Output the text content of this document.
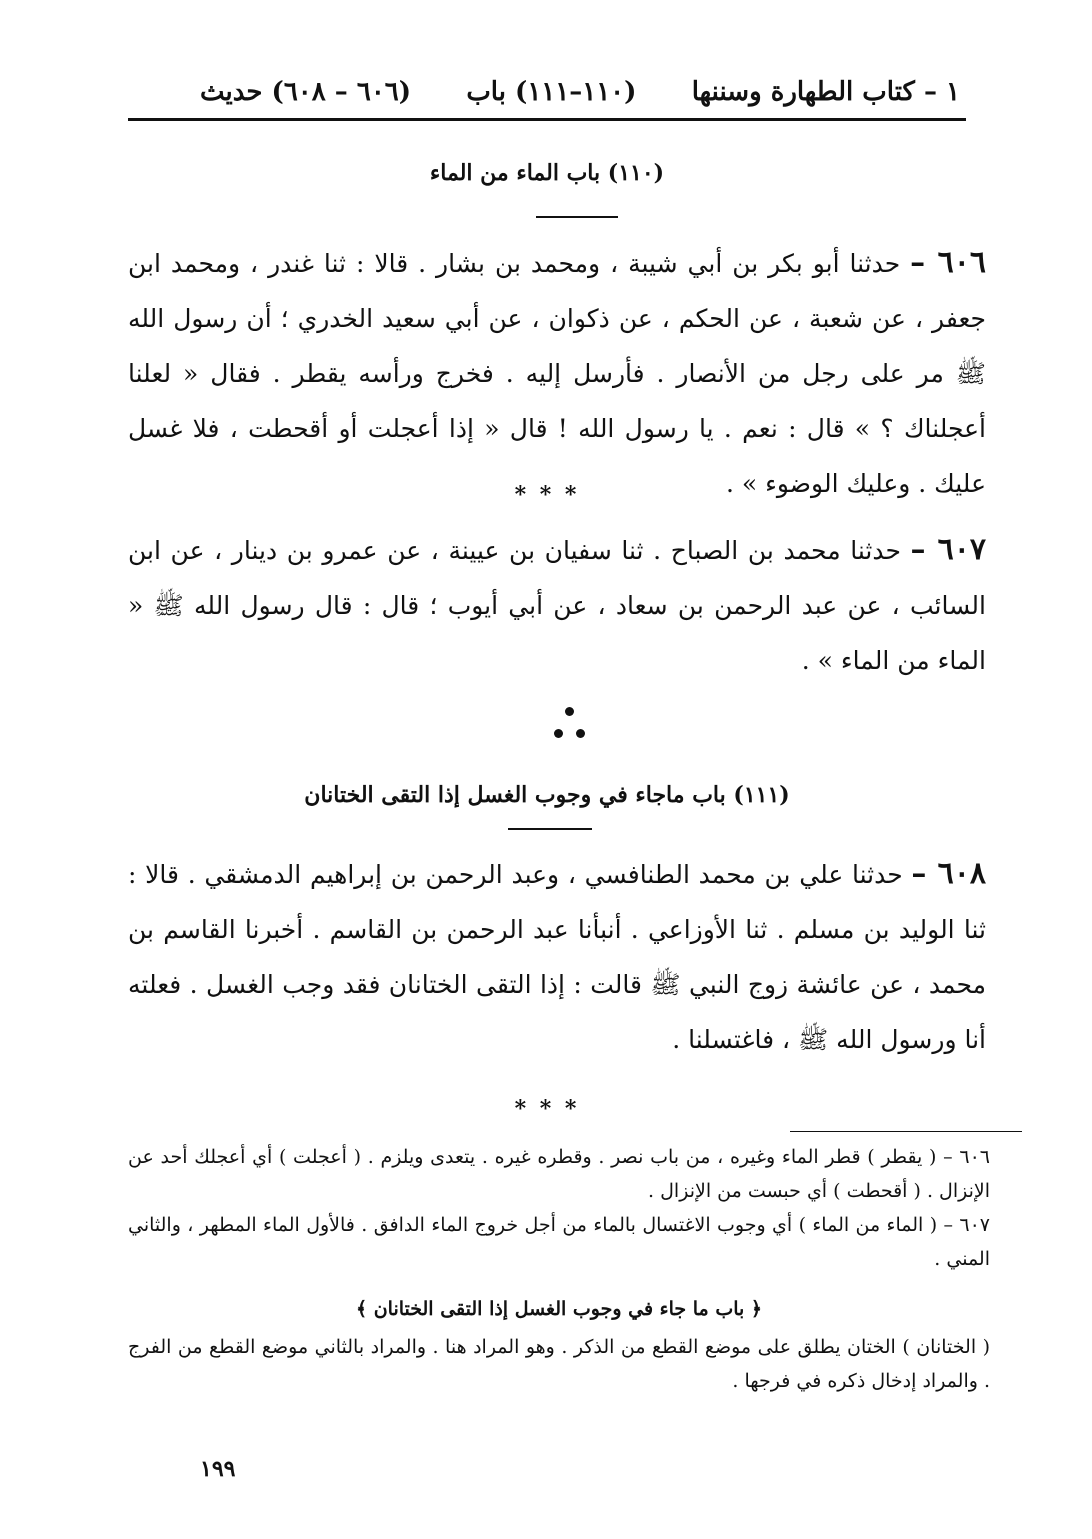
١ – كتاب الطهارة وسننها
(١١٠–١١١) باب
(٦٠٦ – ٦٠٨) حديث
(١١٠) باب الماء من الماء
٦٠٦ – حدثنا أبو بكر بن أبي شيبة ، ومحمد بن بشار . قالا : ثنا غندر ، ومحمد ابن جعفر ، عن شعبة ، عن الحكم ، عن ذكوان ، عن أبي سعيد الخدري ؛ أن رسول الله ﷺ مر على رجل من الأنصار . فأرسل إليه . فخرج ورأسه يقطر . فقال « لعلنا أعجلناك ؟ » قال : نعم . يا رسول الله ! قال « إذا أعجلت أو أقحطت ، فلا غسل عليك . وعليك الوضوء » .
* * *
٦٠٧ – حدثنا محمد بن الصباح . ثنا سفيان بن عيينة ، عن عمرو بن دينار ، عن ابن السائب ، عن عبد الرحمن بن سعاد ، عن أبي أيوب ؛ قال : قال رسول الله ﷺ « الماء من الماء » .
(١١١) باب ماجاء في وجوب الغسل إذا التقى الختانان
٦٠٨ – حدثنا علي بن محمد الطنافسي ، وعبد الرحمن بن إبراهيم الدمشقي . قالا : ثنا الوليد بن مسلم . ثنا الأوزاعي . أنبأنا عبد الرحمن بن القاسم . أخبرنا القاسم بن محمد ، عن عائشة زوج النبي ﷺ قالت : إذا التقى الختانان فقد وجب الغسل . فعلته أنا ورسول الله ﷺ ، فاغتسلنا .
* * *
٦٠٦ – ( يقطر ) قطر الماء وغيره ، من باب نصر . وقطره غيره . يتعدى ويلزم . ( أعجلت ) أي أعجلك أحد عن الإنزال . ( أقحطت ) أي حبست من الإنزال .
٦٠٧ – ( الماء من الماء ) أي وجوب الاغتسال بالماء من أجل خروج الماء الدافق . فالأول الماء المطهر ، والثاني المني .
﴿ باب ما جاء في وجوب الغسل إذا التقى الختانان ﴾
( الختانان ) الختان يطلق على موضع القطع من الذكر . وهو المراد هنا . والمراد بالثاني موضع القطع من الفرج . والمراد إدخال ذكره في فرجها .
١٩٩
